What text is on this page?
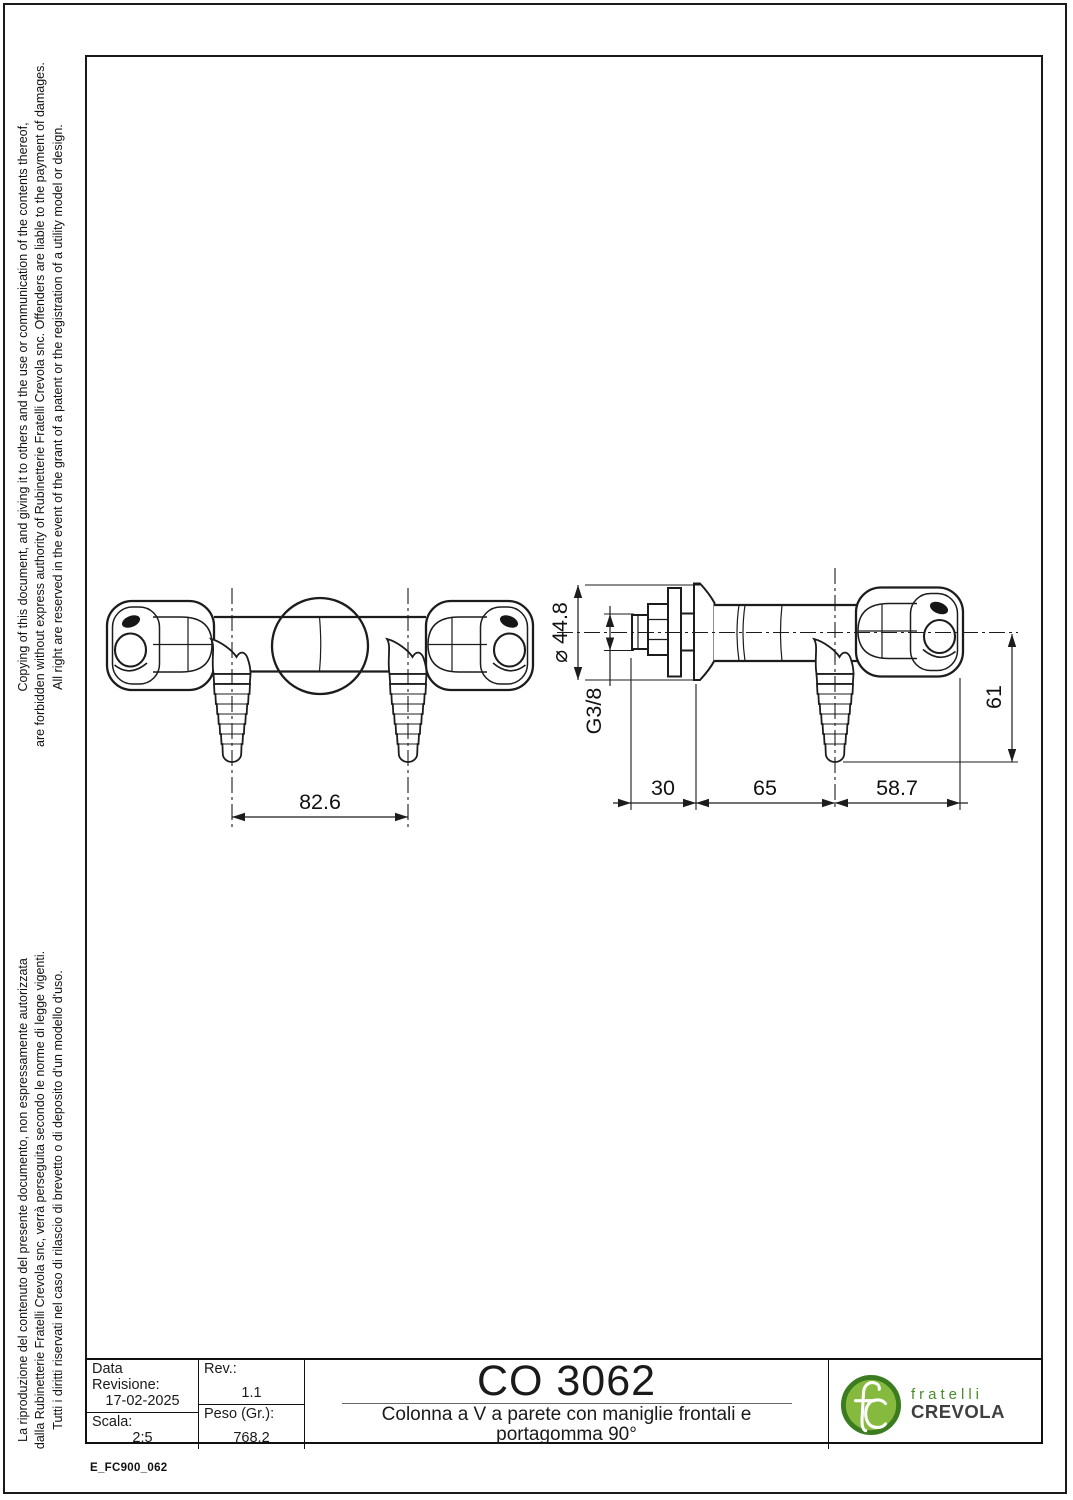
Copying of this document, and giving it to others and the use or communication of the contents thereof, are forbidden without express authority of Rubinetterie Fratelli Crevola snc. Offenders are liable to the payment of damages. All right are reserved in the event of the grant of a patent or the registration of a utility model or design.
La riproduzione del contenuto del presente documento, non espressamente autorizzata dalla Rubinetterie Fratelli Crevola snc, verrà perseguita secondo le norme di legge vigenti. Tutti i diritti riservati nel caso di rilascio di brevetto o di deposito d'un modello d'uso.
82.6
⌀ 44.8
G3/8	61
30	65	58.7
Data Revisione:
17-02-2025
Scala:
2:5
Rev.:
1.1
Peso (Gr.):
768.2
CO 3062
Colonna a V a parete con maniglie frontali e
portagomma 90°
fratelli
CREVOLA
E_FC900_062
